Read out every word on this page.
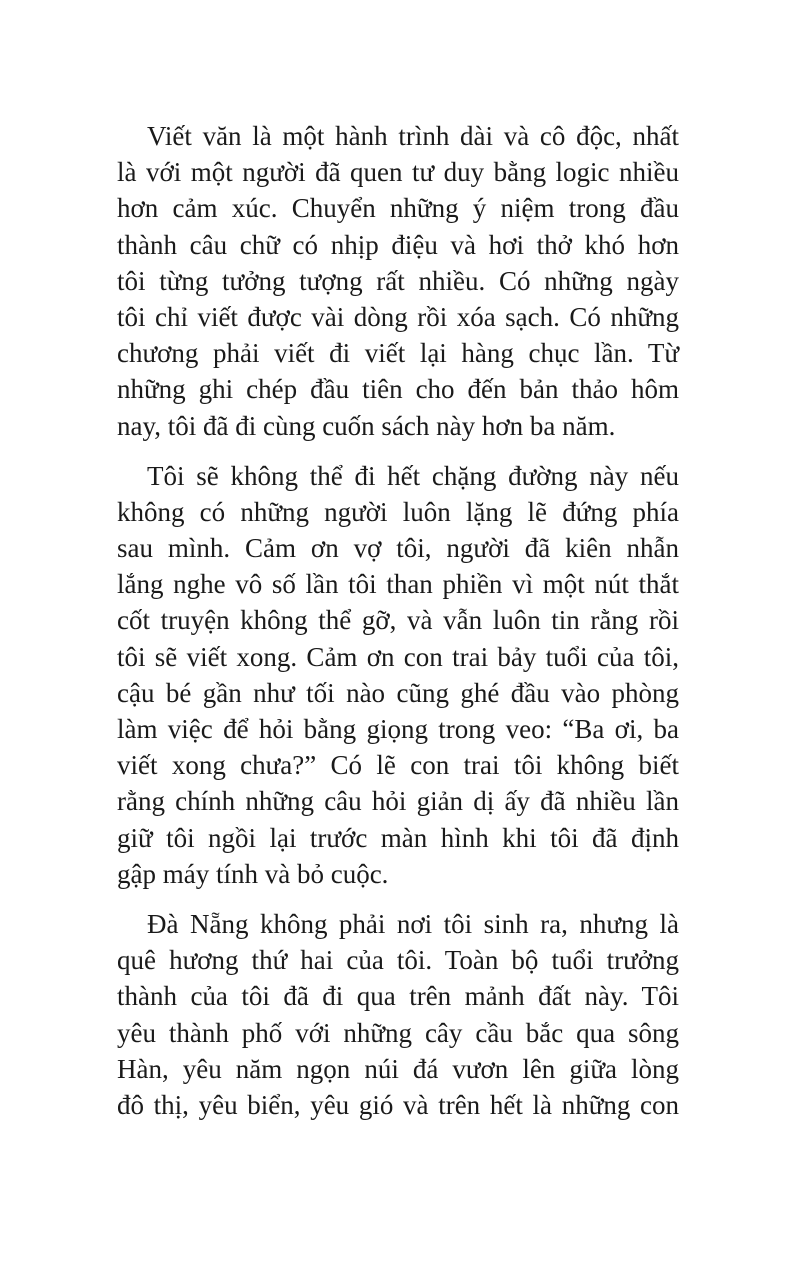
Viết văn là một hành trình dài và cô độc, nhất
là với một người đã quen tư duy bằng logic nhiều
hơn cảm xúc. Chuyển những ý niệm trong đầu
thành câu chữ có nhịp điệu và hơi thở khó hơn
tôi từng tưởng tượng rất nhiều. Có những ngày
tôi chỉ viết được vài dòng rồi xóa sạch. Có những
chương phải viết đi viết lại hàng chục lần. Từ
những ghi chép đầu tiên cho đến bản thảo hôm
nay, tôi đã đi cùng cuốn sách này hơn ba năm.
Tôi sẽ không thể đi hết chặng đường này nếu
không có những người luôn lặng lẽ đứng phía
sau mình. Cảm ơn vợ tôi, người đã kiên nhẫn
lắng nghe vô số lần tôi than phiền vì một nút thắt
cốt truyện không thể gỡ, và vẫn luôn tin rằng rồi
tôi sẽ viết xong. Cảm ơn con trai bảy tuổi của tôi,
cậu bé gần như tối nào cũng ghé đầu vào phòng
làm việc để hỏi bằng giọng trong veo: “Ba ơi, ba
viết xong chưa?” Có lẽ con trai tôi không biết
rằng chính những câu hỏi giản dị ấy đã nhiều lần
giữ tôi ngồi lại trước màn hình khi tôi đã định
gập máy tính và bỏ cuộc.
Đà Nẵng không phải nơi tôi sinh ra, nhưng là
quê hương thứ hai của tôi. Toàn bộ tuổi trưởng
thành của tôi đã đi qua trên mảnh đất này. Tôi
yêu thành phố với những cây cầu bắc qua sông
Hàn, yêu năm ngọn núi đá vươn lên giữa lòng
đô thị, yêu biển, yêu gió và trên hết là những con
